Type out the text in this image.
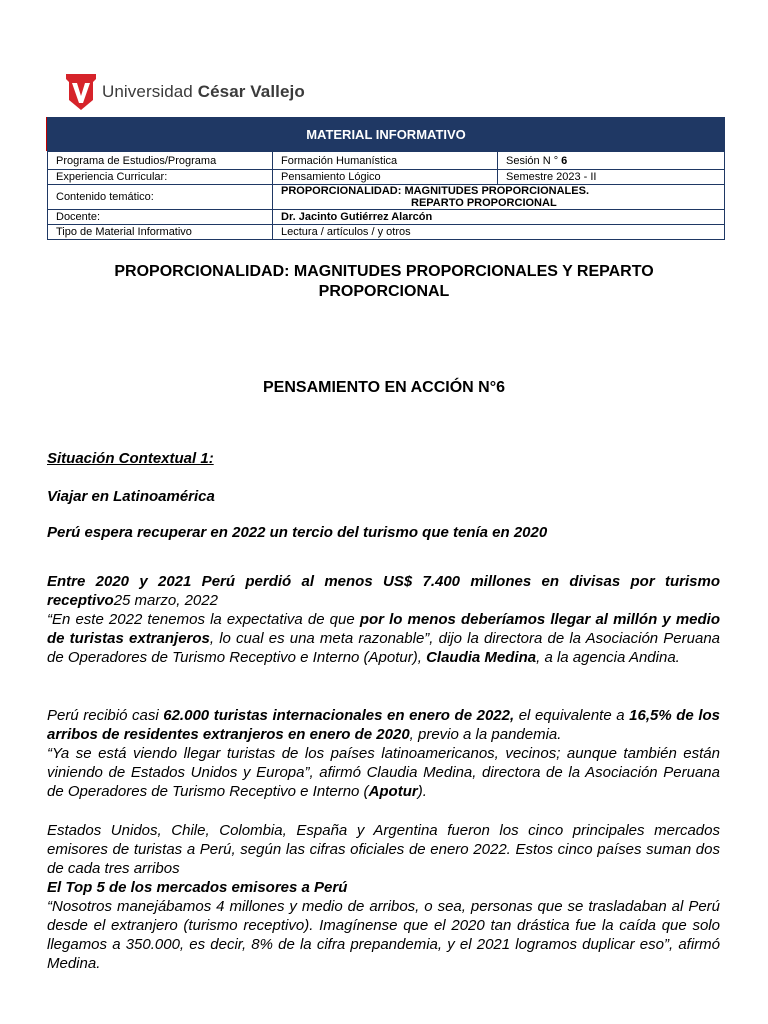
Universidad César Vallejo
MATERIAL INFORMATIVO		
Programa de Estudios/Programa	Formación Humanística	Sesión N ° 6
Experiencia Curricular:	Pensamiento Lógico	Semestre 2023 - II
Contenido temático:	PROPORCIONALIDAD: MAGNITUDES PROPORCIONALES.
REPARTO PROPORCIONAL	

Docente:	Dr. Jacinto Gutiérrez Alarcón	
Tipo de Material Informativo	Lectura / artículos / y otros	
PROPORCIONALIDAD: MAGNITUDES PROPORCIONALES Y REPARTO PROPORCIONAL
PENSAMIENTO EN ACCIÓN N°6
Situación Contextual 1:
Viajar en Latinoamérica
Perú espera recuperar en 2022 un tercio del turismo que tenía en 2020
Entre 2020 y 2021 Perú perdió al menos US$ 7.400 millones en divisas por turismo receptivo25 marzo, 2022
“En este 2022 tenemos la expectativa de que por lo menos deberíamos llegar al millón y medio de turistas extranjeros, lo cual es una meta razonable”, dijo la directora de la Asociación Peruana de Operadores de Turismo Receptivo e Interno (Apotur), Claudia Medina, a la agencia Andina.
Perú recibió casi 62.000 turistas internacionales en enero de 2022, el equivalente a 16,5% de los arribos de residentes extranjeros en enero de 2020, previo a la pandemia.
“Ya se está viendo llegar turistas de los países latinoamericanos, vecinos; aunque también están viniendo de Estados Unidos y Europa”, afirmó Claudia Medina, directora de la Asociación Peruana de Operadores de Turismo Receptivo e Interno (Apotur).
Estados Unidos, Chile, Colombia, España y Argentina fueron los cinco principales mercados emisores de turistas a Perú, según las cifras oficiales de enero 2022. Estos cinco países suman dos de cada tres arribos
El Top 5 de los mercados emisores a Perú
“Nosotros manejábamos 4 millones y medio de arribos, o sea, personas que se trasladaban al Perú desde el extranjero (turismo receptivo). Imagínense que el 2020 tan drástica fue la caída que solo llegamos a 350.000, es decir, 8% de la cifra prepandemia, y el 2021 logramos duplicar eso”, afirmó Medina.
